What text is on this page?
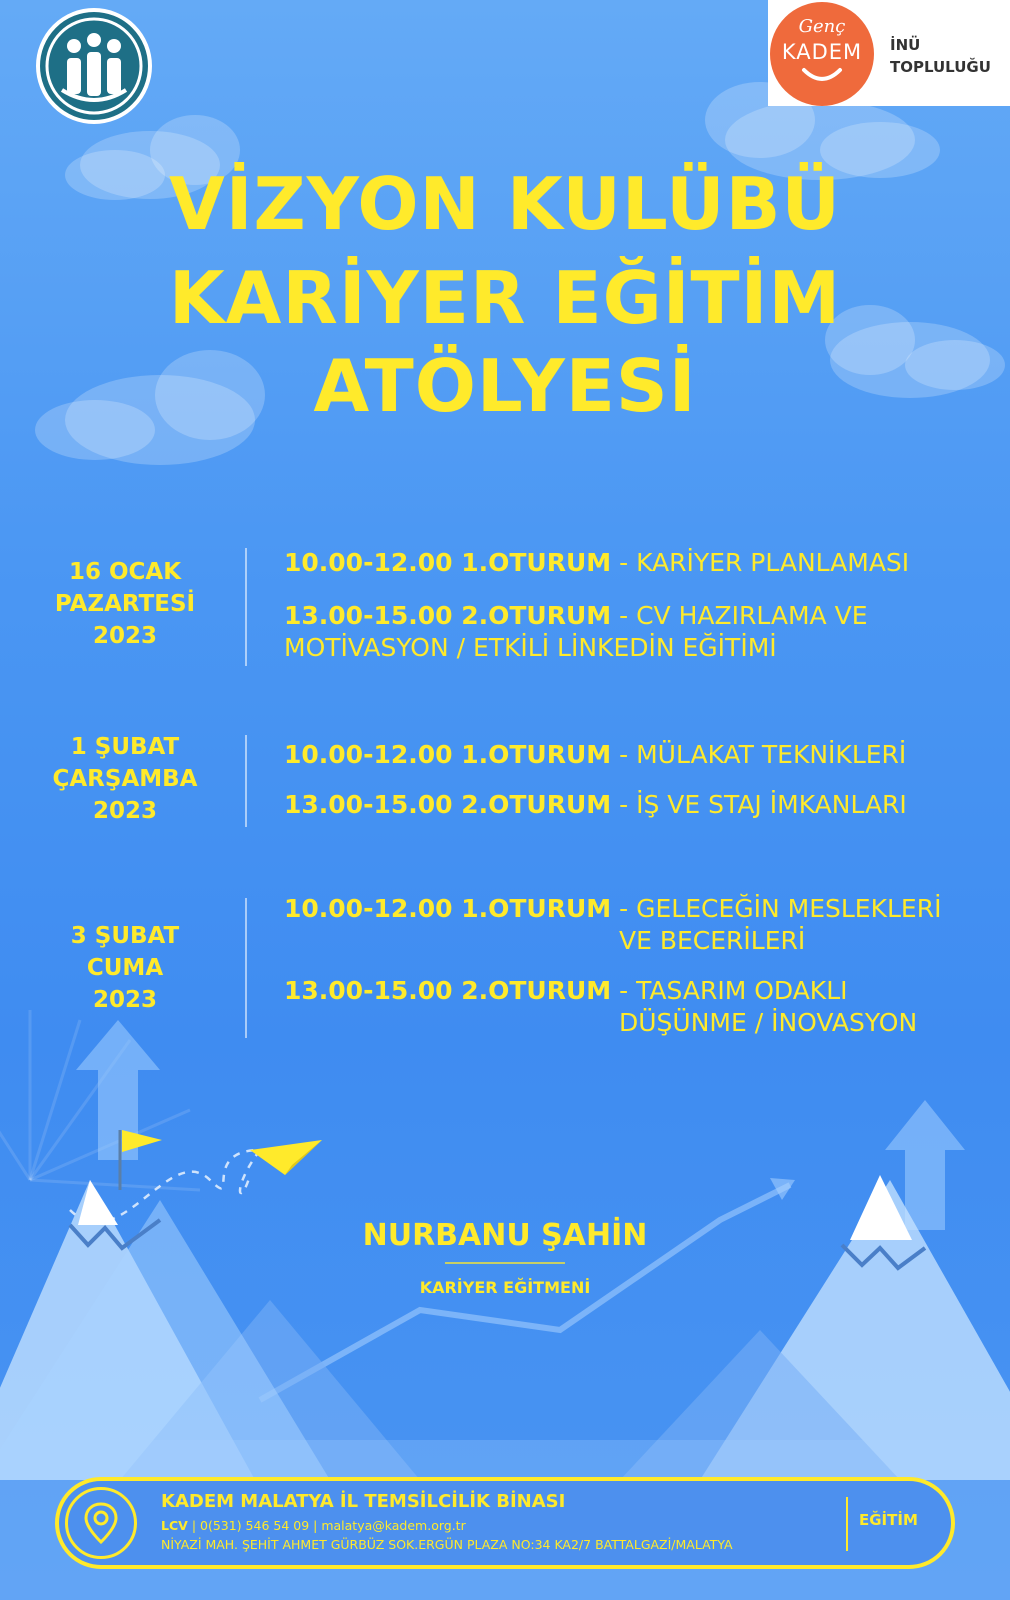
Genç
KADEM	İNÜ
TOPLULUĞU
VİZYON KULÜBÜ
KARİYER EĞİTİM
ATÖLYESİ
16 OCAK
PAZARTESİ
2023
10.00-12.00 1.OTURUM - KARİYER PLANLAMASI
13.00-15.00 2.OTURUM - CV HAZIRLAMA VE
MOTİVASYON / ETKİLİ LİNKEDİN EĞİTİMİ
1 ŞUBAT
ÇARŞAMBA
2023
10.00-12.00 1.OTURUM - MÜLAKAT TEKNİKLERİ
13.00-15.00 2.OTURUM - İŞ VE STAJ İMKANLARI
3 ŞUBAT
CUMA
2023
10.00-12.00 1.OTURUM - GELECEĞİN MESLEKLERİ
VE BECERİLERİ
13.00-15.00 2.OTURUM - TASARIM ODAKLI
DÜŞÜNME / İNOVASYON
NURBANU ŞAHİN
KARİYER EĞİTMENİ
KADEM MALATYA İL TEMSİLCİLİK BİNASI
LCV | 0(531) 546 54 09 | malatya@kadem.org.tr
NİYAZİ MAH. ŞEHİT AHMET GÜRBÜZ SOK.ERGÜN PLAZA NO:34 KA2/7 BATTALGAZİ/MALATYA
EĞİTİM
